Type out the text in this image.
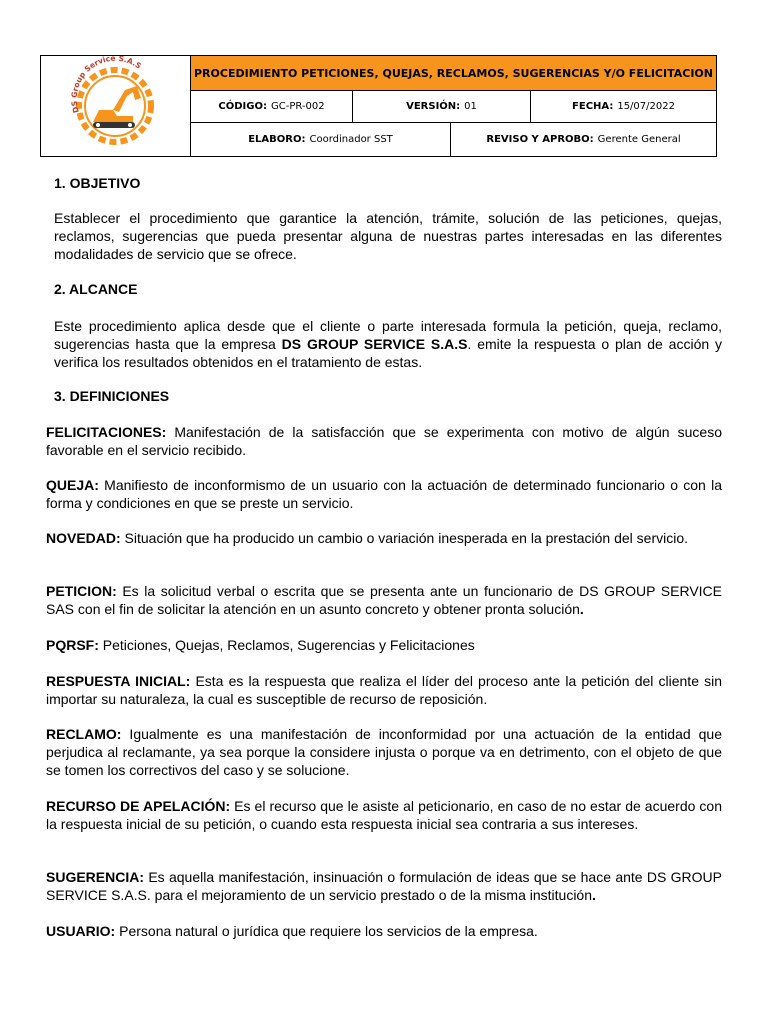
DS Group Service S.A.S
PROCEDIMIENTO PETICIONES, QUEJAS, RECLAMOS, SUGERENCIAS Y/O FELICITACION
CÓDIGO: GC-PR-002	VERSIÓN: 01	FECHA: 15/07/2022
ELABORO: Coordinador SST	REVISO Y APROBO: Gerente General
1. OBJETIVO
Establecer el procedimiento que garantice la atención, trámite, solución de las peticiones, quejas, reclamos, sugerencias que pueda presentar alguna de nuestras partes interesadas en las diferentes modalidades de servicio que se ofrece.
2. ALCANCE
Este procedimiento aplica desde que el cliente o parte interesada formula la petición, queja, reclamo, sugerencias hasta que la empresa DS GROUP SERVICE S.A.S. emite la respuesta o plan de acción y verifica los resultados obtenidos en el tratamiento de estas.
3. DEFINICIONES
FELICITACIONES: Manifestación de la satisfacción que se experimenta con motivo de algún suceso favorable en el servicio recibido.
QUEJA: Manifiesto de inconformismo de un usuario con la actuación de determinado funcionario o con la forma y condiciones en que se preste un servicio.
NOVEDAD: Situación que ha producido un cambio o variación inesperada en la prestación del servicio.
PETICION: Es la solicitud verbal o escrita que se presenta ante un funcionario de DS GROUP SERVICE SAS con el fin de solicitar la atención en un asunto concreto y obtener pronta solución.
PQRSF: Peticiones, Quejas, Reclamos, Sugerencias y Felicitaciones
RESPUESTA INICIAL: Esta es la respuesta que realiza el líder del proceso ante la petición del cliente sin importar su naturaleza, la cual es susceptible de recurso de reposición.
RECLAMO: Igualmente es una manifestación de inconformidad por una actuación de la entidad que perjudica al reclamante, ya sea porque la considere injusta o porque va en detrimento, con el objeto de que se tomen los correctivos del caso y se solucione.
RECURSO DE APELACIÓN: Es el recurso que le asiste al peticionario, en caso de no estar de acuerdo con la respuesta inicial de su petición, o cuando esta respuesta inicial sea contraria a sus intereses.
SUGERENCIA: Es aquella manifestación, insinuación o formulación de ideas que se hace ante DS GROUP SERVICE S.A.S. para el mejoramiento de un servicio prestado o de la misma institución.
USUARIO: Persona natural o jurídica que requiere los servicios de la empresa.
